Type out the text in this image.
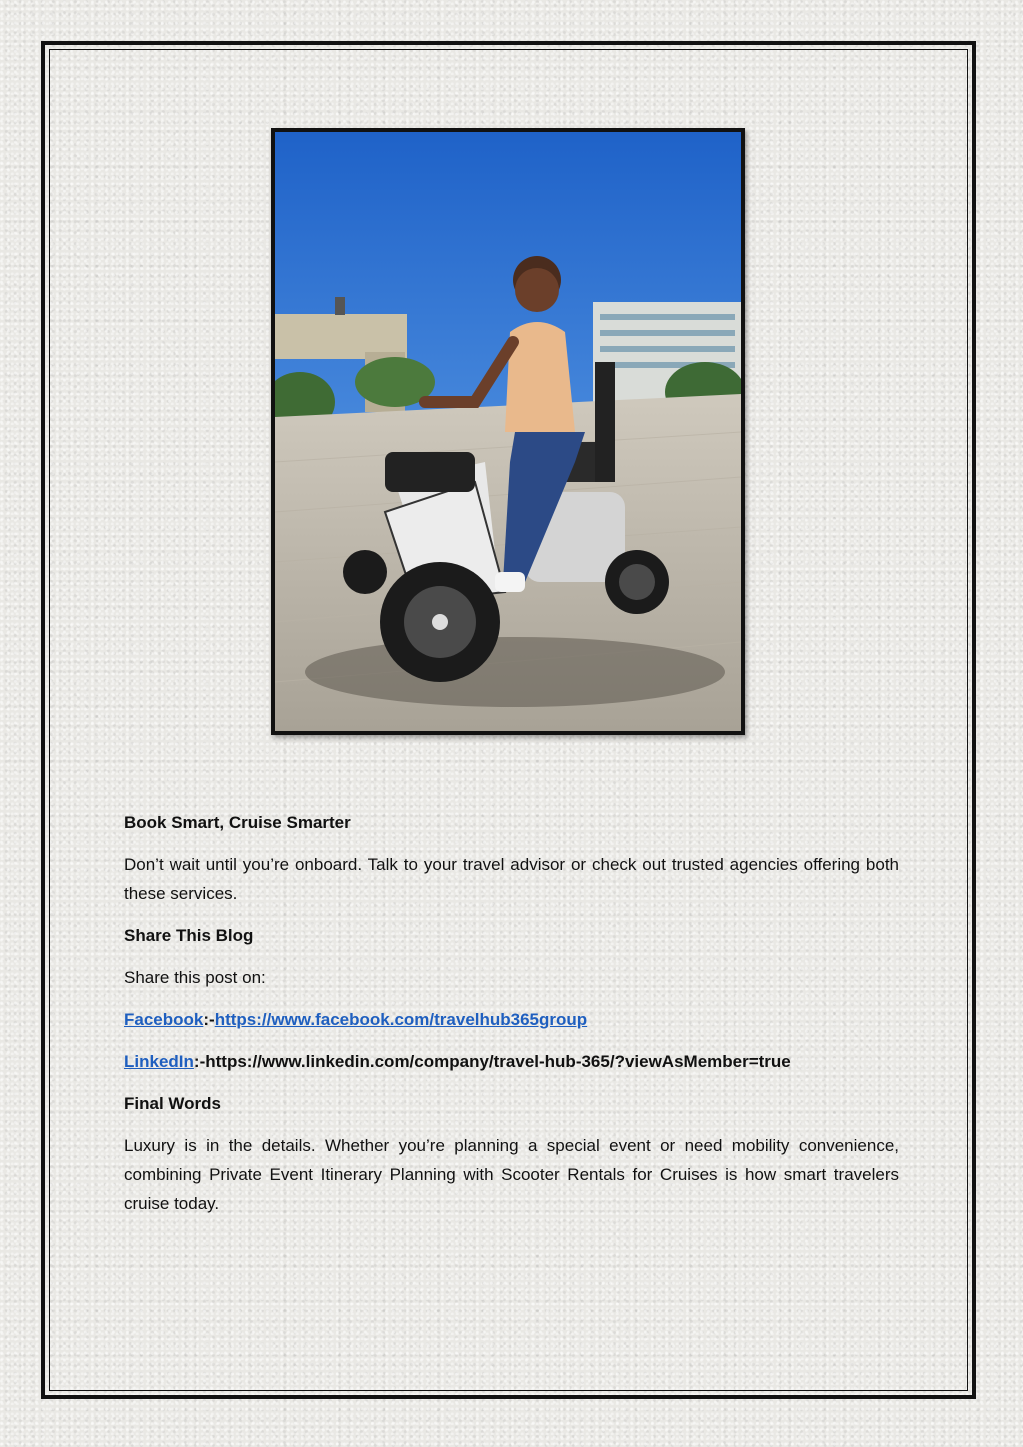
Book Smart, Cruise Smarter

Don’t wait until you’re onboard. Talk to your travel advisor or check out trusted agencies offering both these services.

Share This Blog

Share this post on:

Facebook:-https://www.facebook.com/travelhub365group

LinkedIn:-https://www.linkedin.com/company/travel-hub-365/?viewAsMember=true

Final Words

Luxury is in the details. Whether you’re planning a special event or need mobility convenience, combining Private Event Itinerary Planning with Scooter Rentals for Cruises is how smart travelers cruise today.
